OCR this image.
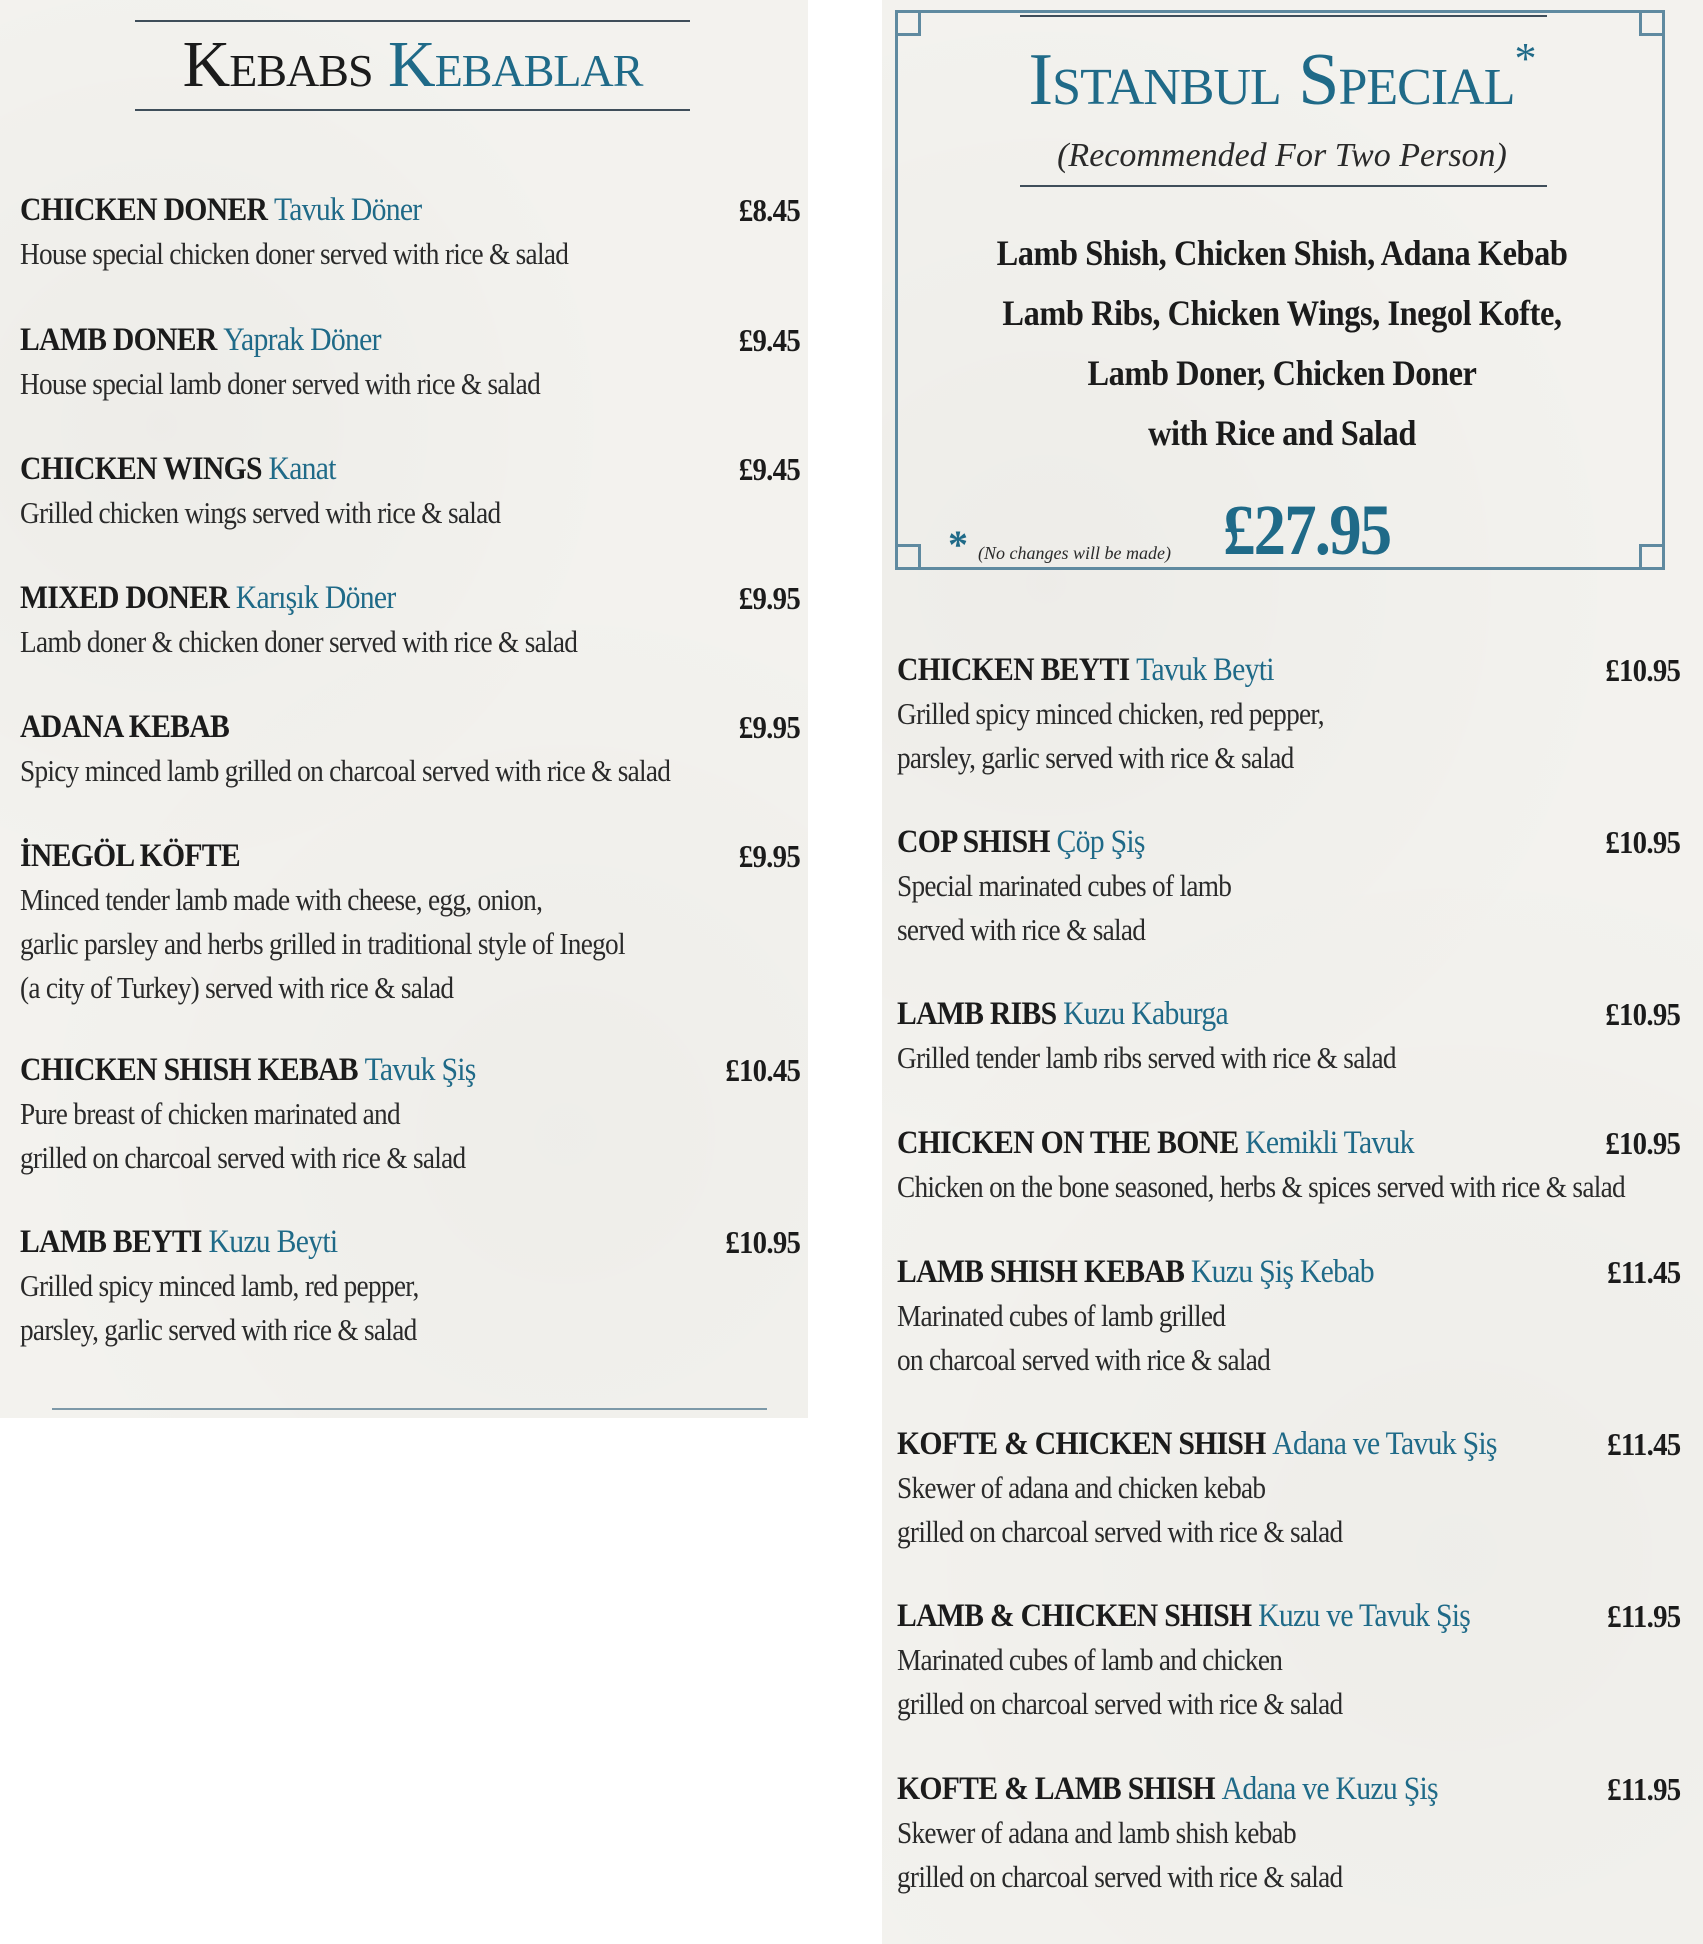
Kebabs Kebablar
CHICKEN DONER Tavuk Döner	£8.45
House special chicken doner served with rice & salad
LAMB DONER Yaprak Döner	£9.45
House special lamb doner served with rice & salad
CHICKEN WINGS Kanat	£9.45
Grilled chicken wings served with rice & salad
MIXED DONER Karışık Döner	£9.95
Lamb doner & chicken doner served with rice & salad
ADANA KEBAB	£9.95
Spicy minced lamb grilled on charcoal served with rice & salad
İNEGÖL KÖFTE	£9.95
Minced tender lamb made with cheese, egg, onion,
garlic parsley and herbs grilled in traditional style of Inegol
(a city of Turkey) served with rice & salad
CHICKEN SHISH KEBAB Tavuk Şiş	£10.45
Pure breast of chicken marinated and
grilled on charcoal served with rice & salad
LAMB BEYTI Kuzu Beyti	£10.95
Grilled spicy minced lamb, red pepper,
parsley, garlic served with rice & salad
Istanbul Special*
(Recommended For Two Person)
Lamb Shish, Chicken Shish, Adana Kebab
Lamb Ribs, Chicken Wings, Inegol Kofte,
Lamb Doner, Chicken Doner
with Rice and Salad
* (No changes will be made) £27.95
CHICKEN BEYTI Tavuk Beyti	£10.95
Grilled spicy minced chicken, red pepper,
parsley, garlic served with rice & salad
COP SHISH Çöp Şiş	£10.95
Special marinated cubes of lamb
served with rice & salad
LAMB RIBS Kuzu Kaburga	£10.95
Grilled tender lamb ribs served with rice & salad
CHICKEN ON THE BONE Kemikli Tavuk	£10.95
Chicken on the bone seasoned, herbs & spices served with rice & salad
LAMB SHISH KEBAB Kuzu Şiş Kebab	£11.45
Marinated cubes of lamb grilled
on charcoal served with rice & salad
KOFTE & CHICKEN SHISH Adana ve Tavuk Şiş	£11.45
Skewer of adana and chicken kebab
grilled on charcoal served with rice & salad
LAMB & CHICKEN SHISH Kuzu ve Tavuk Şiş	£11.95
Marinated cubes of lamb and chicken
grilled on charcoal served with rice & salad
KOFTE & LAMB SHISH Adana ve Kuzu Şiş	£11.95
Skewer of adana and lamb shish kebab
grilled on charcoal served with rice & salad
